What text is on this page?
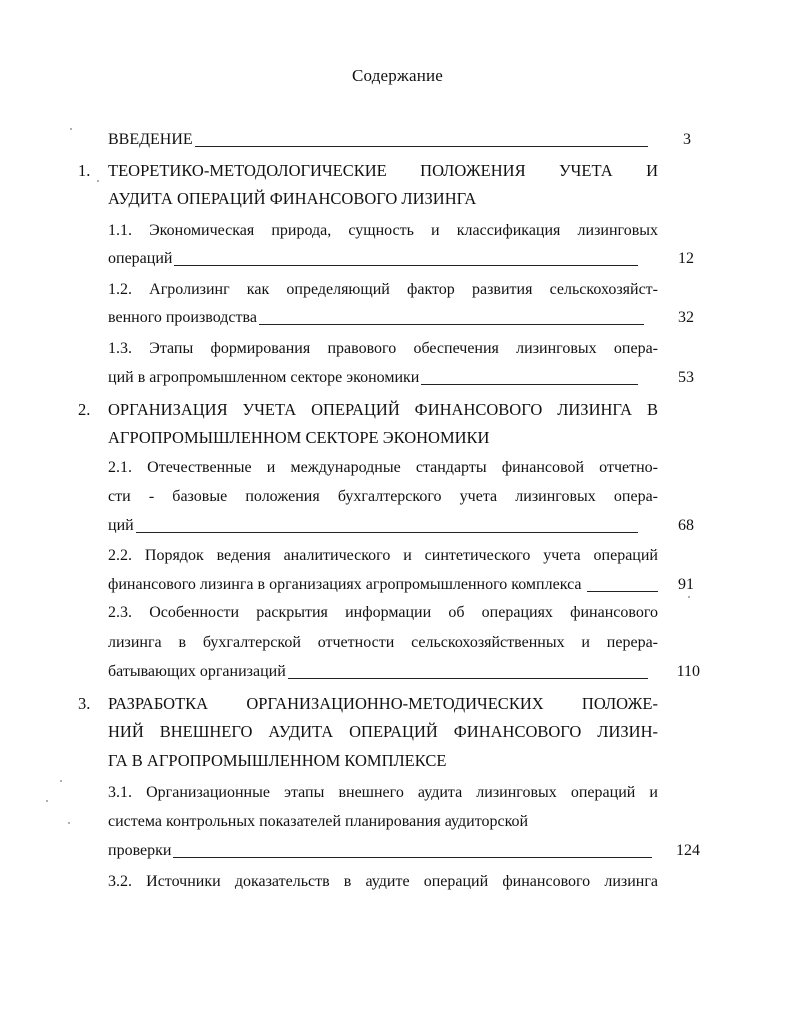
Содержание
ВВЕДЕНИЕ	3
1. ТЕОРЕТИКО-МЕТОДОЛОГИЧЕСКИЕ ПОЛОЖЕНИЯ УЧЕТА И
АУДИТА ОПЕРАЦИЙ ФИНАНСОВОГО ЛИЗИНГА
1.1. Экономическая природа, сущность и классификация лизинговых
операций	12
1.2. Агролизинг как определяющий фактор развития сельскохозяйст-
венного производства	32
1.3. Этапы формирования правового обеспечения лизинговых опера-
ций в агропромышленном секторе экономики	53
2. ОРГАНИЗАЦИЯ УЧЕТА ОПЕРАЦИЙ ФИНАНСОВОГО ЛИЗИНГА В
АГРОПРОМЫШЛЕННОМ СЕКТОРЕ ЭКОНОМИКИ
2.1. Отечественные и международные стандарты финансовой отчетно-
сти - базовые положения бухгалтерского учета лизинговых опера-
ций	68
2.2. Порядок ведения аналитического и синтетического учета операций
финансового лизинга в организациях агропромышленного комплекса	91
2.3. Особенности раскрытия информации об операциях финансового
лизинга в бухгалтерской отчетности сельскохозяйственных и перера-
батывающих организаций	110
3. РАЗРАБОТКА ОРГАНИЗАЦИОННО-МЕТОДИЧЕСКИХ ПОЛОЖЕ-
НИЙ ВНЕШНЕГО АУДИТА ОПЕРАЦИЙ ФИНАНСОВОГО ЛИЗИН-
ГА В АГРОПРОМЫШЛЕННОМ КОМПЛЕКСЕ
3.1. Организационные этапы внешнего аудита лизинговых операций и
система контрольных показателей планирования аудиторской
проверки	124
3.2. Источники доказательств в аудите операций финансового лизинга
